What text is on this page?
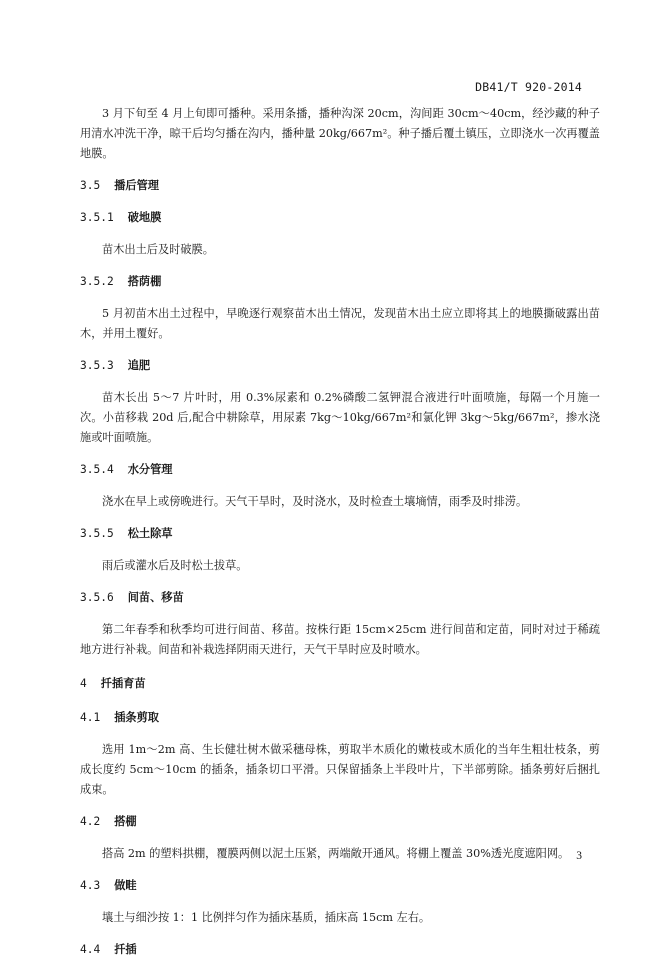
DB41/T 920-2014

3 月下旬至 4 月上旬即可播种。采用条播，播种沟深 20cm，沟间距 30cm～40cm，经沙藏的种子用清水冲洗干净，晾干后均匀播在沟内，播种量 20kg/667m²。种子播后覆土镇压，立即浇水一次再覆盖地膜。

3.5 播后管理
3.5.1 破地膜

苗木出土后及时破膜。

3.5.2 搭荫棚

5 月初苗木出土过程中，早晚逐行观察苗木出土情况，发现苗木出土应立即将其上的地膜撕破露出苗木，并用土覆好。

3.5.3 追肥

苗木长出 5～7 片叶时，用 0.3%尿素和 0.2%磷酸二氢钾混合液进行叶面喷施，每隔一个月施一次。小苗移栽 20d 后,配合中耕除草，用尿素 7kg～10kg/667m²和氯化钾 3kg～5kg/667m²，掺水浇施或叶面喷施。

3.5.4 水分管理

浇水在早上或傍晚进行。天气干旱时，及时浇水，及时检查土壤墒情，雨季及时排涝。

3.5.5 松土除草

雨后或灌水后及时松土拔草。

3.5.6 间苗、移苗

第二年春季和秋季均可进行间苗、移苗。按株行距 15cm×25cm 进行间苗和定苗，同时对过于稀疏地方进行补栽。间苗和补栽选择阴雨天进行，天气干旱时应及时喷水。

4 扦插育苗
4.1 插条剪取

选用 1m～2m 高、生长健壮树木做采穗母株，剪取半木质化的嫩枝或木质化的当年生粗壮枝条，剪成长度约 5cm～10cm 的插条，插条切口平滑。只保留插条上半段叶片，下半部剪除。插条剪好后捆扎成束。

4.2 搭棚

搭高 2m 的塑料拱棚，覆膜两侧以泥土压紧，两端敞开通风。将棚上覆盖 30%透光度遮阳网。

4.3 做畦

壤土与细沙按 1：1 比例拌匀作为插床基质，插床高 15cm 左右。

4.4 扦插
3
